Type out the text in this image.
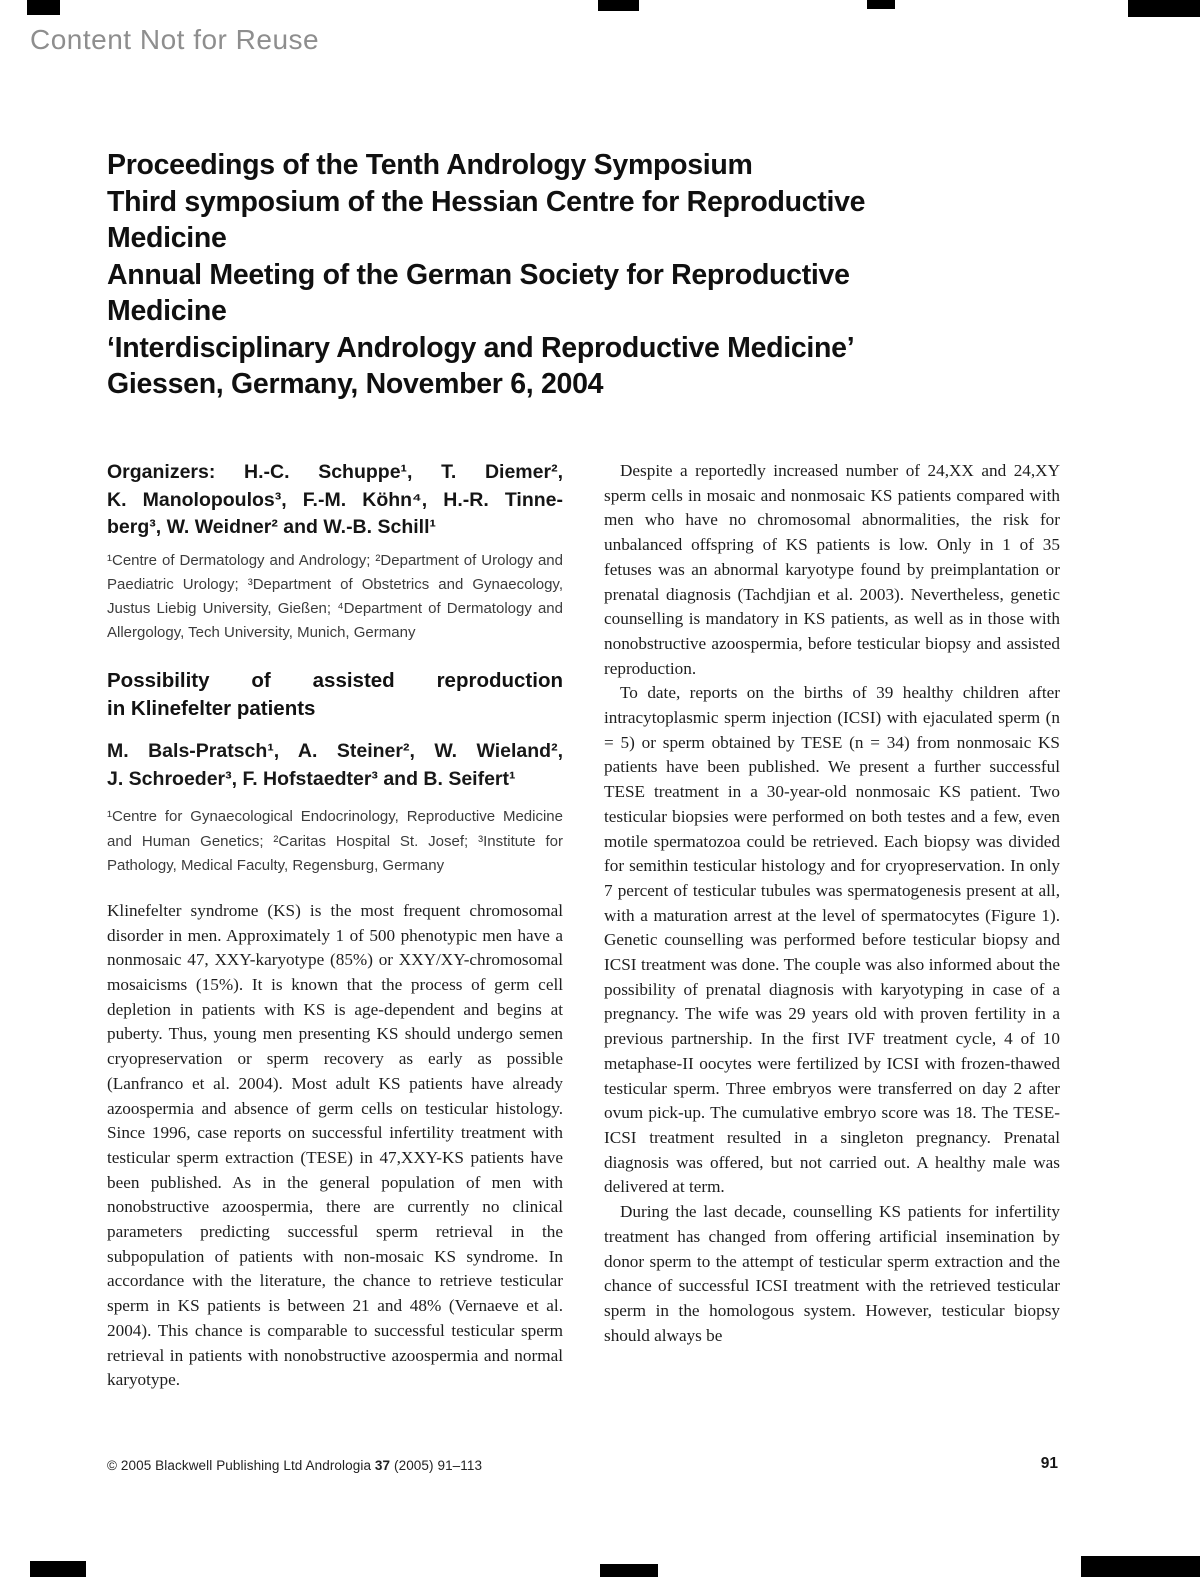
Content Not for Reuse
Proceedings of the Tenth Andrology Symposium
Third symposium of the Hessian Centre for Reproductive
Medicine
Annual Meeting of the German Society for Reproductive
Medicine
‘Interdisciplinary Andrology and Reproductive Medicine’
Giessen, Germany, November 6, 2004
Organizers: H.-C. Schuppe¹, T. Diemer²,
K. Manolopoulos³, F.-M. Köhn⁴, H.-R. Tinne-
berg³, W. Weidner² and W.-B. Schill¹
¹Centre of Dermatology and Andrology; ²Department of Urology and Paediatric Urology; ³Department of Obstetrics and Gynaecology, Justus Liebig University, Gießen; ⁴Department of Dermatology and Allergology, Tech University, Munich, Germany
Possibility of assisted reproduction
in Klinefelter patients
M. Bals-Pratsch¹, A. Steiner², W. Wieland²,
J. Schroeder³, F. Hofstaedter³ and B. Seifert¹
¹Centre for Gynaecological Endocrinology, Reproductive Medicine and Human Genetics; ²Caritas Hospital St. Josef; ³Institute for Pathology, Medical Faculty, Regensburg, Germany
Klinefelter syndrome (KS) is the most frequent chromosomal disorder in men. Approximately 1 of 500 phenotypic men have a nonmosaic 47, XXY-karyotype (85%) or XXY/XY-chromosomal mosaicisms (15%). It is known that the process of germ cell depletion in patients with KS is age-dependent and begins at puberty. Thus, young men presenting KS should undergo semen cryopreservation or sperm recovery as early as possible (Lanfranco et al. 2004). Most adult KS patients have already azoospermia and absence of germ cells on testicular histology. Since 1996, case reports on successful infertility treatment with testicular sperm extraction (TESE) in 47,XXY-KS patients have been published. As in the general population of men with nonobstructive azoospermia, there are currently no clinical parameters predicting successful sperm retrieval in the subpopulation of patients with non-mosaic KS syndrome. In accordance with the literature, the chance to retrieve testicular sperm in KS patients is between 21 and 48% (Vernaeve et al. 2004). This chance is comparable to successful testicular sperm retrieval in patients with nonobstructive azoospermia and normal karyotype.

Despite a reportedly increased number of 24,XX and 24,XY sperm cells in mosaic and nonmosaic KS patients compared with men who have no chromosomal abnormalities, the risk for unbalanced offspring of KS patients is low. Only in 1 of 35 fetuses was an abnormal karyotype found by preimplantation or prenatal diagnosis (Tachdjian et al. 2003). Nevertheless, genetic counselling is mandatory in KS patients, as well as in those with nonobstructive azoospermia, before testicular biopsy and assisted reproduction.

To date, reports on the births of 39 healthy children after intracytoplasmic sperm injection (ICSI) with ejaculated sperm (n = 5) or sperm obtained by TESE (n = 34) from nonmosaic KS patients have been published. We present a further successful TESE treatment in a 30-year-old nonmosaic KS patient. Two testicular biopsies were performed on both testes and a few, even motile spermatozoa could be retrieved. Each biopsy was divided for semithin testicular histology and for cryopreservation. In only 7 percent of testicular tubules was spermatogenesis present at all, with a maturation arrest at the level of spermatocytes (Figure 1). Genetic counselling was performed before testicular biopsy and ICSI treatment was done. The couple was also informed about the possibility of prenatal diagnosis with karyotyping in case of a pregnancy. The wife was 29 years old with proven fertility in a previous partnership. In the first IVF treatment cycle, 4 of 10 metaphase-II oocytes were fertilized by ICSI with frozen-thawed testicular sperm. Three embryos were transferred on day 2 after ovum pick-up. The cumulative embryo score was 18. The TESE-ICSI treatment resulted in a singleton pregnancy. Prenatal diagnosis was offered, but not carried out. A healthy male was delivered at term.

During the last decade, counselling KS patients for infertility treatment has changed from offering artificial insemination by donor sperm to the attempt of testicular sperm extraction and the chance of successful ICSI treatment with the retrieved testicular sperm in the homologous system. However, testicular biopsy should always be

© 2005 Blackwell Publishing Ltd Andrologia 37 (2005) 91–113	91
